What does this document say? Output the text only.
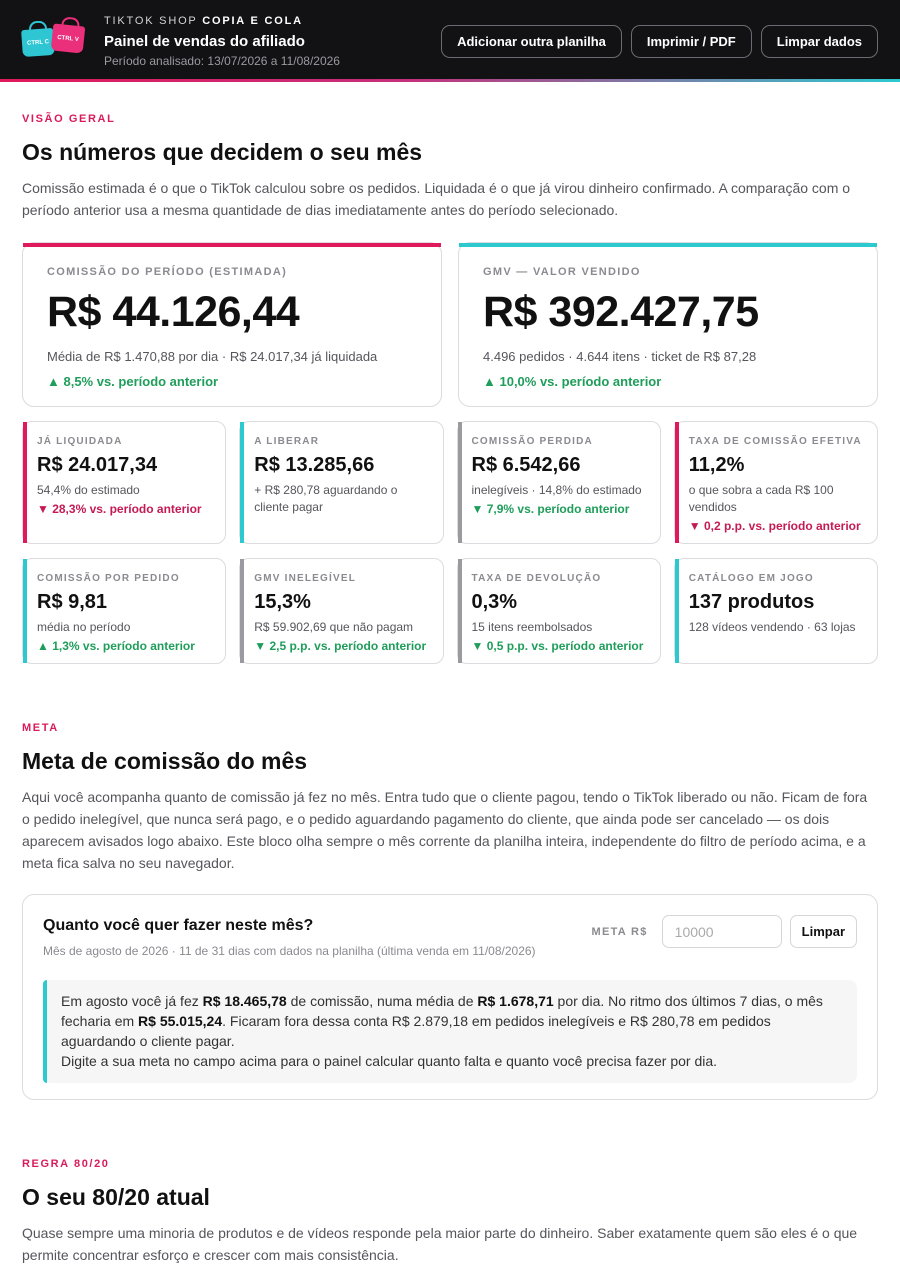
CTRL C CTRL V
TIKTOK SHOP COPIA E COLA
Painel de vendas do afiliado
Período analisado: 13/07/2026 a 11/08/2026
Adicionar outra planilha	Imprimir / PDF	Limpar dados
VISÃO GERAL
Os números que decidem o seu mês
Comissão estimada é o que o TikTok calculou sobre os pedidos. Liquidada é o que já virou dinheiro confirmado. A comparação com o período anterior usa a mesma quantidade de dias imediatamente antes do período selecionado.
COMISSÃO DO PERÍODO (ESTIMADA)
R$ 44.126,44
Média de R$ 1.470,88 por dia · R$ 24.017,34 já liquidada
▲ 8,5% vs. período anterior
GMV — VALOR VENDIDO
R$ 392.427,75
4.496 pedidos · 4.644 itens · ticket de R$ 87,28
▲ 10,0% vs. período anterior
JÁ LIQUIDADA
R$ 24.017,34
54,4% do estimado
▼ 28,3% vs. período anterior
A LIBERAR
R$ 13.285,66
+ R$ 280,78 aguardando o cliente pagar
COMISSÃO PERDIDA
R$ 6.542,66
inelegíveis · 14,8% do estimado
▼ 7,9% vs. período anterior
TAXA DE COMISSÃO EFETIVA
11,2%
o que sobra a cada R$ 100 vendidos
▼ 0,2 p.p. vs. período anterior
COMISSÃO POR PEDIDO
R$ 9,81
média no período
▲ 1,3% vs. período anterior
GMV INELEGÍVEL
15,3%
R$ 59.902,69 que não pagam
▼ 2,5 p.p. vs. período anterior
TAXA DE DEVOLUÇÃO
0,3%
15 itens reembolsados
▼ 0,5 p.p. vs. período anterior
CATÁLOGO EM JOGO
137 produtos
128 vídeos vendendo · 63 lojas
META
Meta de comissão do mês
Aqui você acompanha quanto de comissão já fez no mês. Entra tudo que o cliente pagou, tendo o TikTok liberado ou não. Ficam de fora o pedido inelegível, que nunca será pago, e o pedido aguardando pagamento do cliente, que ainda pode ser cancelado — os dois aparecem avisados logo abaixo. Este bloco olha sempre o mês corrente da planilha inteira, independente do filtro de período acima, e a meta fica salva no seu navegador.
Quanto você quer fazer neste mês?
Mês de agosto de 2026 · 11 de 31 dias com dados na planilha (última venda em 11/08/2026)
META R$
10000	Limpar
Em agosto você já fez R$ 18.465,78 de comissão, numa média de R$ 1.678,71 por dia. No ritmo dos últimos 7 dias, o mês fecharia em R$ 55.015,24. Ficaram fora dessa conta R$ 2.879,18 em pedidos inelegíveis e R$ 280,78 em pedidos aguardando o cliente pagar.
Digite a sua meta no campo acima para o painel calcular quanto falta e quanto você precisa fazer por dia.
REGRA 80/20
O seu 80/20 atual
Quase sempre uma minoria de produtos e de vídeos responde pela maior parte do dinheiro. Saber exatamente quem são eles é o que permite concentrar esforço e crescer com mais consistência.
